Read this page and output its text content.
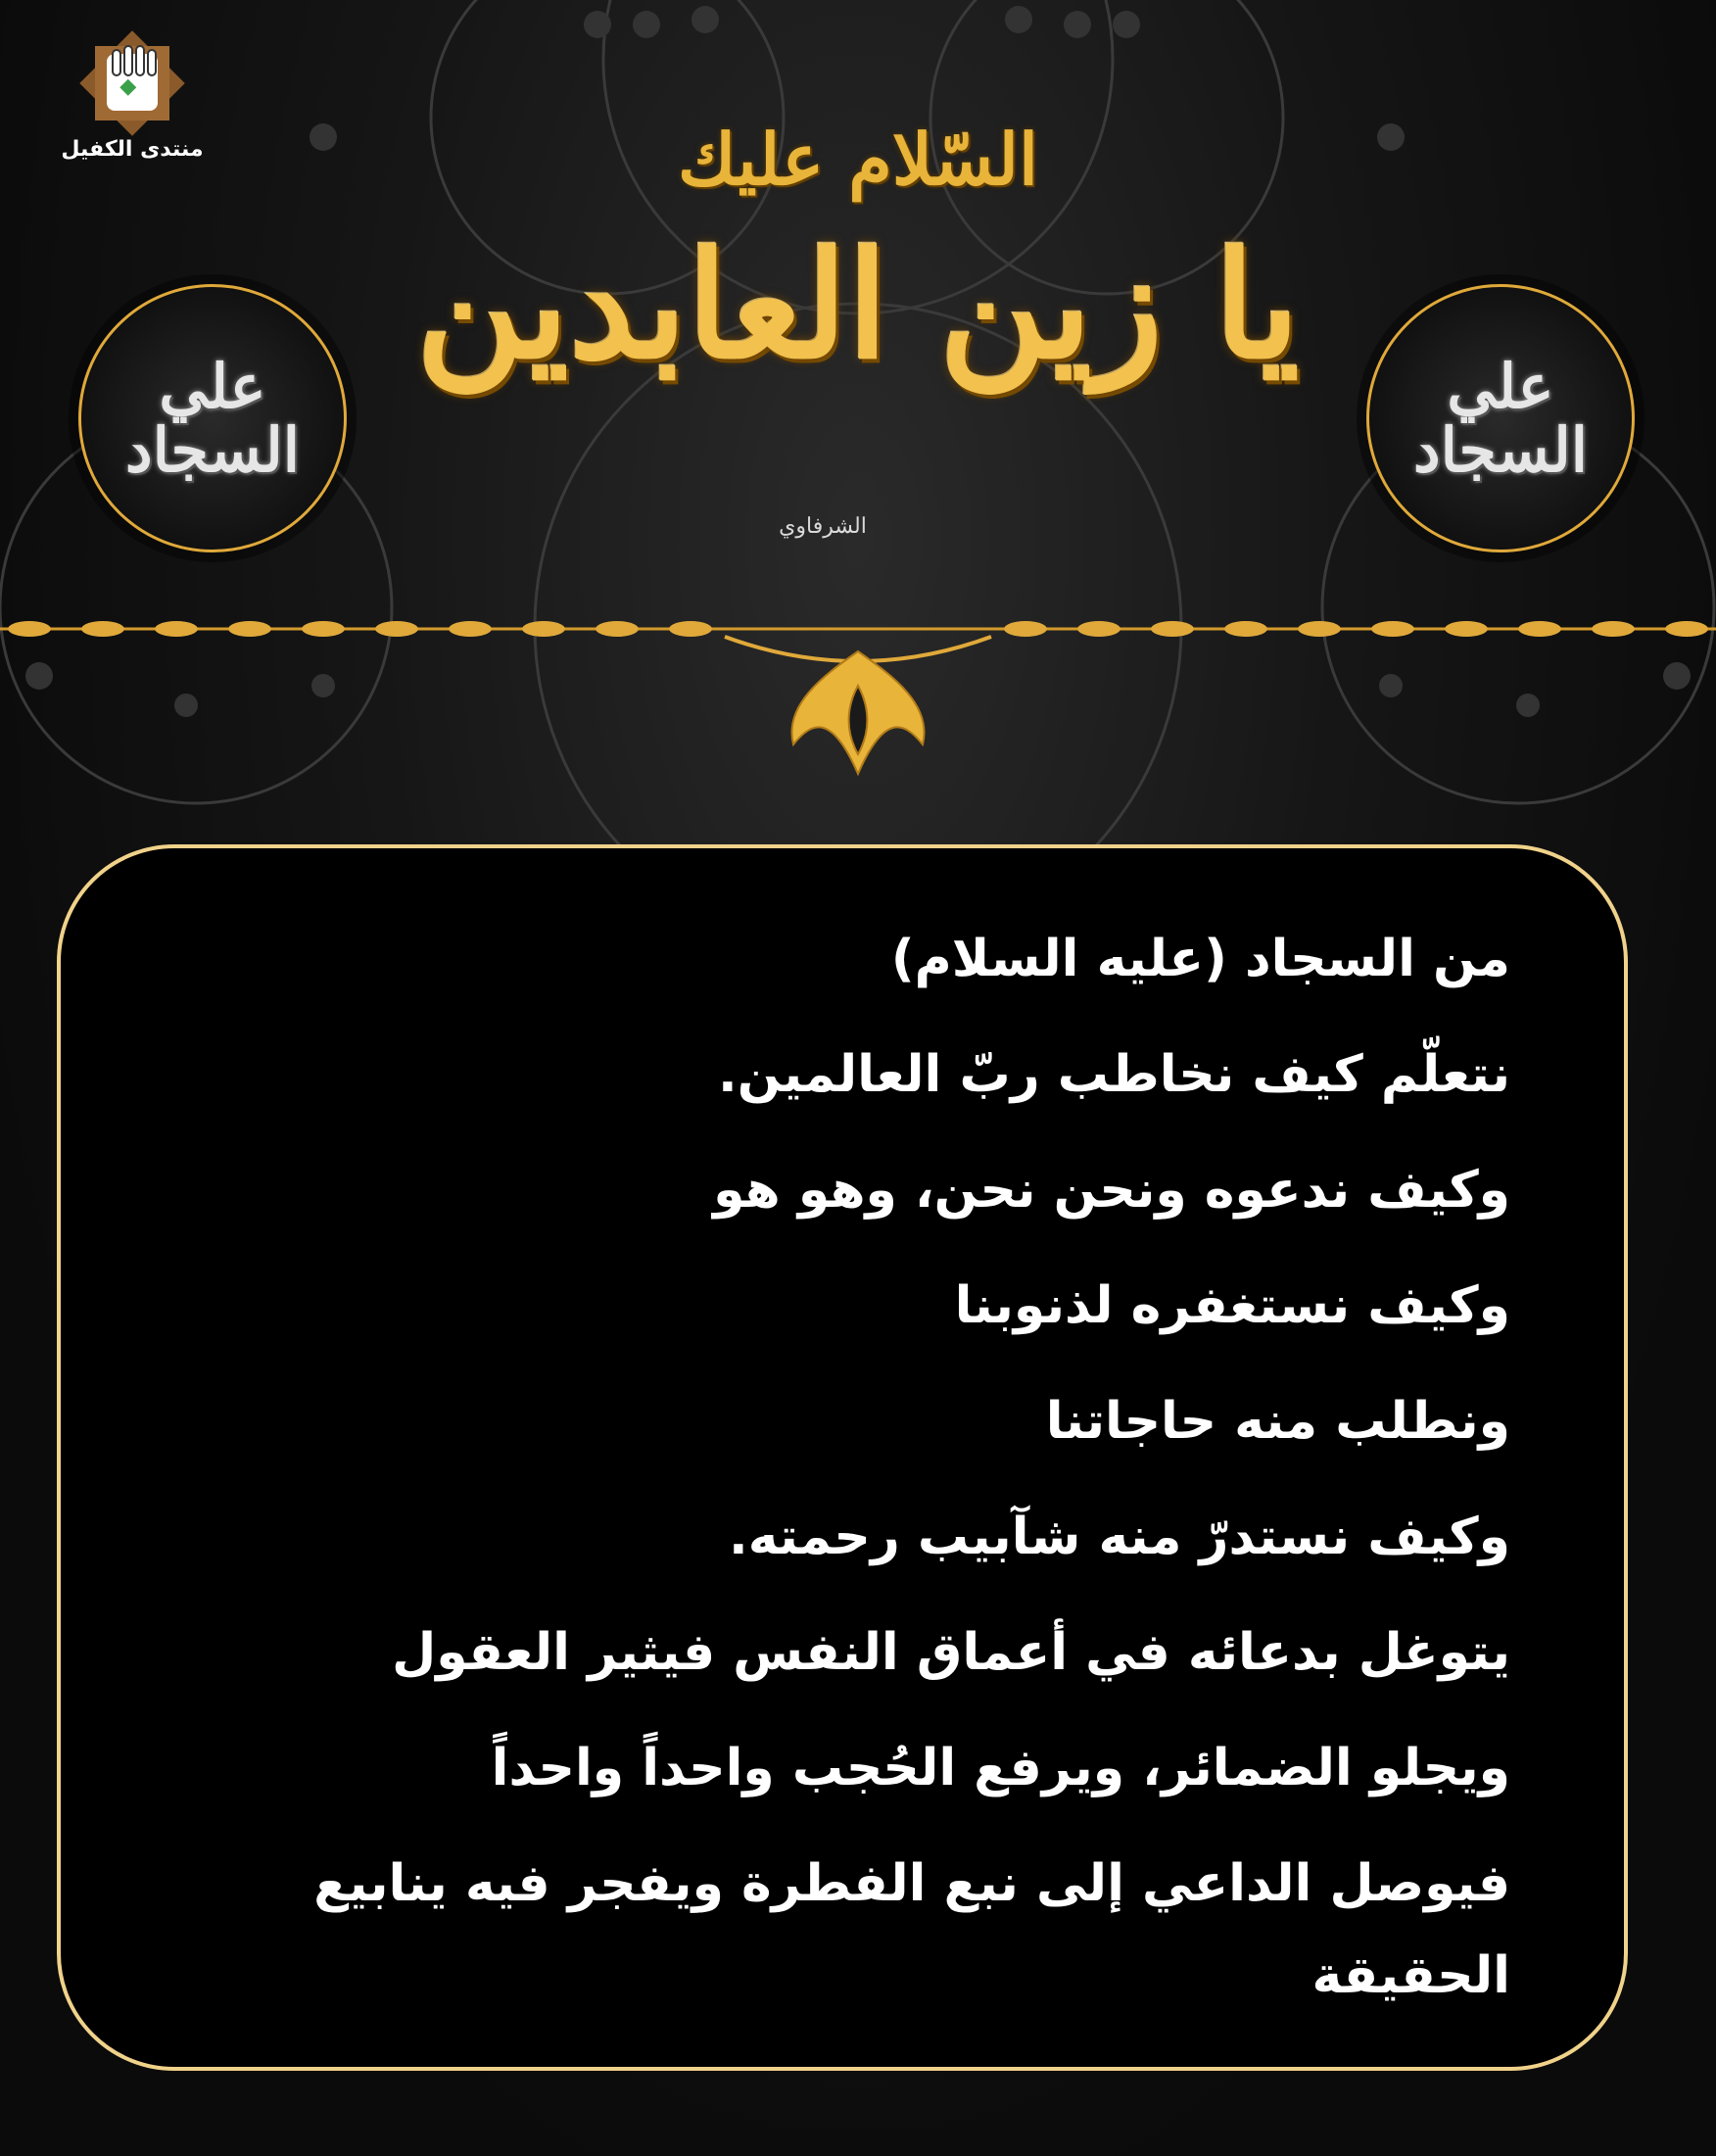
منتدى الكفيل	السّلام عليك
يا زين العابدين
الشرفاوي
علي السجاد
علي السجاد
من السجاد (عليه السلام)
نتعلّم كيف نخاطب ربّ العالمين.
وكيف ندعوه ونحن نحن، وهو هو
وكيف نستغفره لذنوبنا
ونطلب منه حاجاتنا
وكيف نستدرّ منه شآبيب رحمته.
يتوغل بدعائه في أعماق النفس فيثير العقول
ويجلو الضمائر، ويرفع الحُجب واحداً واحداً
فيوصل الداعي إلى نبع الفطرة ويفجر فيه ينابيع
الحقيقة
